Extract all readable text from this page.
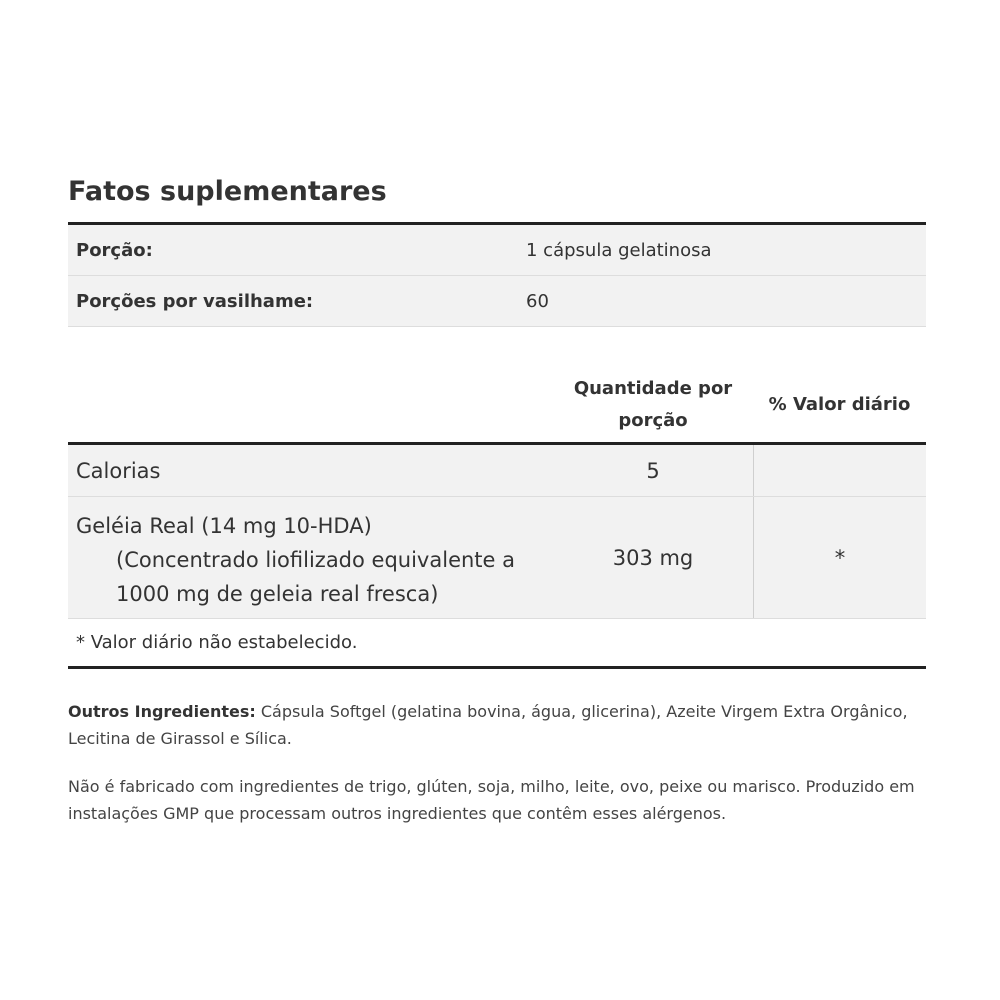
Fatos suplementares
Porção:	1 cápsula gelatinosa
Porções por vasilhame:	60
Quantidade por
porção
% Valor diário
Calorias	5
Geléia Real (14 mg 10-HDA)
(Concentrado liofilizado equivalente a
1000 mg de geleia real fresca)
303 mg	*
* Valor diário não estabelecido.

Outros Ingredientes: Cápsula Softgel (gelatina bovina, água, glicerina), Azeite Virgem Extra Orgânico, Lecitina de Girassol e Sílica.

Não é fabricado com ingredientes de trigo, glúten, soja, milho, leite, ovo, peixe ou marisco. Produzido em instalações GMP que processam outros ingredientes que contêm esses alérgenos.
